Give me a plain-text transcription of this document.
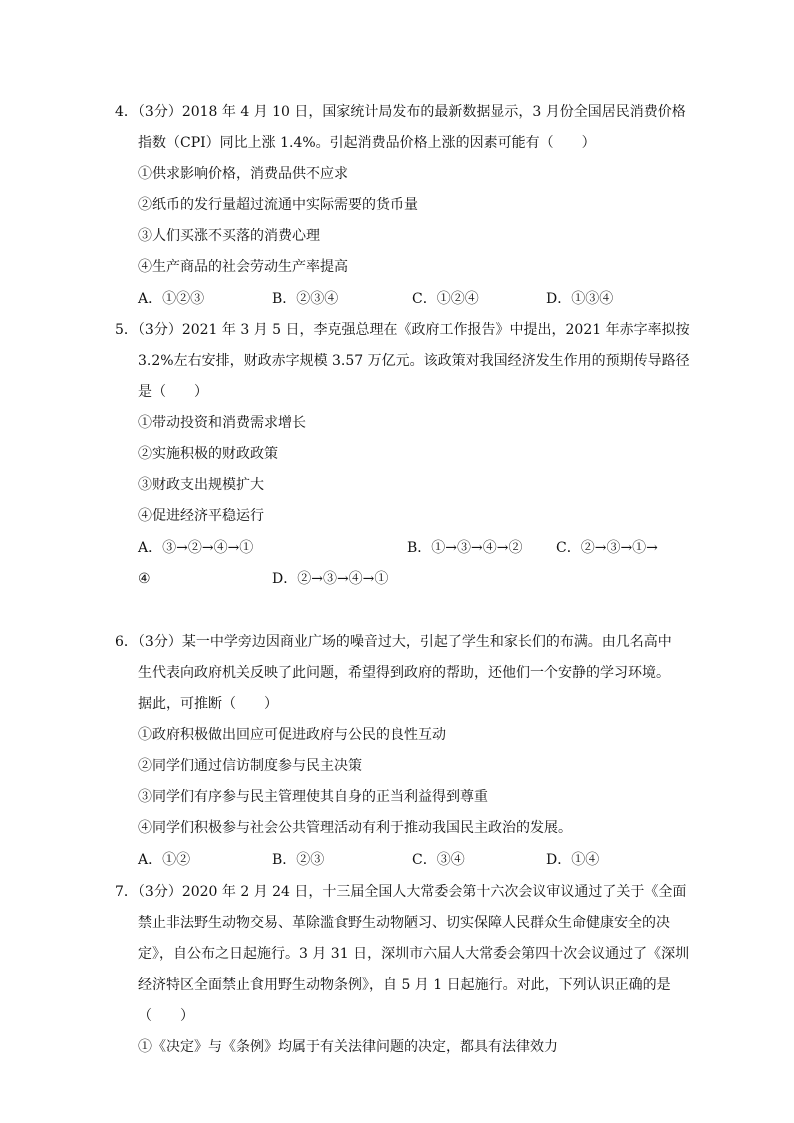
4．（3分）2018 年 4 月 10 日，国家统计局发布的最新数据显示，3 月份全国居民消费价格
指数（CPI）同比上涨 1.4%。引起消费品价格上涨的因素可能有（　　）
①供求影响价格，消费品供不应求
②纸币的发行量超过流通中实际需要的货币量
③人们买涨不买落的消费心理
④生产商品的社会劳动生产率提高
A．①②③	B．②③④	C．①②④	D．①③④
5．（3分）2021 年 3 月 5 日，李克强总理在《政府工作报告》中提出，2021 年赤字率拟按
3.2%左右安排，财政赤字规模 3.57 万亿元。该政策对我国经济发生作用的预期传导路径
是（　　）
①带动投资和消费需求增长
②实施积极的财政政策
③财政支出规模扩大
④促进经济平稳运行
A．③→②→④→①	B．①→③→④→② C．②→③→①→
④	D．②→③→④→①
6．（3分）某一中学旁边因商业广场的噪音过大，引起了学生和家长们的布满。由几名高中
生代表向政府机关反映了此问题，希望得到政府的帮助，还他们一个安静的学习环境。
据此，可推断（　　）
①政府积极做出回应可促进政府与公民的良性互动
②同学们通过信访制度参与民主决策
③同学们有序参与民主管理使其自身的正当利益得到尊重
④同学们积极参与社会公共管理活动有利于推动我国民主政治的发展。
A．①②	B．②③	C．③④	D．①④
7．（3分）2020 年 2 月 24 日，十三届全国人大常委会第十六次会议审议通过了关于《全面
禁止非法野生动物交易、革除滥食野生动物陋习、切实保障人民群众生命健康安全的决
定》，自公布之日起施行。3 月 31 日，深圳市六届人大常委会第四十次会议通过了《深圳
经济特区全面禁止食用野生动物条例》，自 5 月 1 日起施行。对此，下列认识正确的是
（　　）
①《决定》与《条例》均属于有关法律问题的决定，都具有法律效力
